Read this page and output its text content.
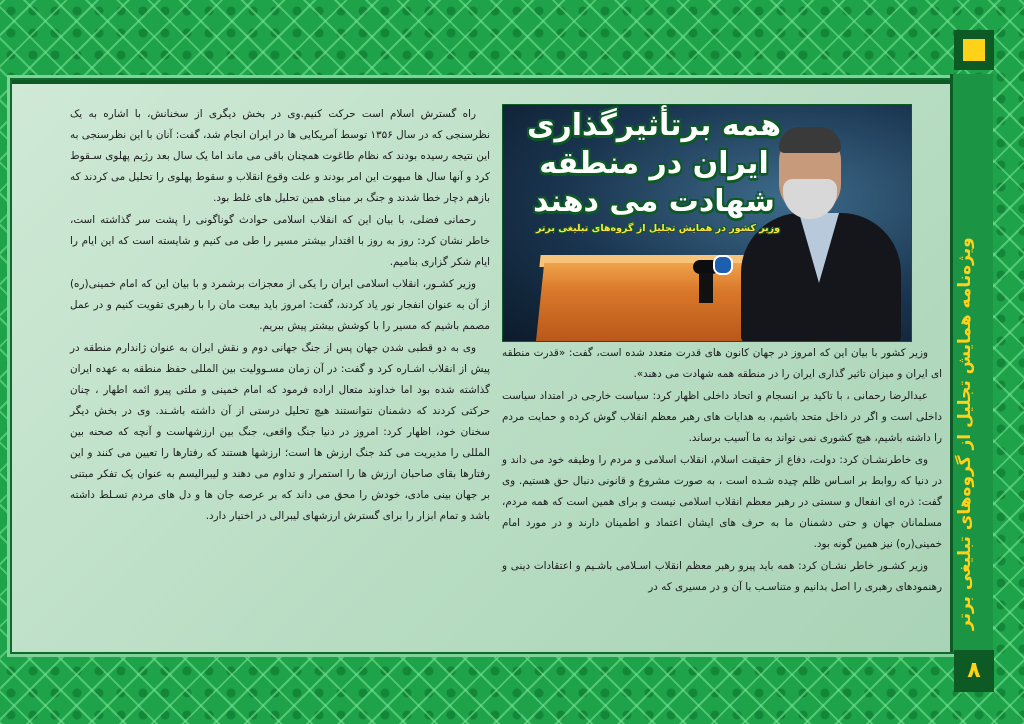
ویژه‌نامه همایش تجلیل از گروه‌های تبلیغی برتر
۸
همه برتأثیرگذاری ایران در منطقه شهادت می دهند
وزیر کشور در همایش تجلیل از گروه‌های تبلیغی برتر

راه گسترش اسلام است حرکت کنیم.وی در بخش دیگری از سخنانش، با اشاره به یک نظرسنجی که در سال ۱۳۵۶ توسط آمریکایی ها در ایران انجام شد، گفت: آنان با این نظرسنجی به این نتیجه رسیده بودند که نظام طاغوت همچنان باقی می ماند اما یک سال بعد رژیم پهلوی سـقوط کرد و آنها سال ها مبهوت این امر بودند و علت وقوع انقلاب و سقوط پهلوی را تحلیل می کردند که بازهم دچار خطا شدند و جنگ بر مبنای همین تحلیل های غلط بود.

رحمانی فضلی، با بیان این که انقلاب اسلامی حوادث گوناگونی را پشت سر گذاشته است، خاطر نشان کرد: روز به روز با اقتدار بیشتر مسیر را طی می کنیم و شایسته است که این ایام را ایام شکر گزاری بنامیم.

وزیر کشـور، انقلاب اسلامی ایران را یکی از معجزات برشمرد و با بیان این که امام خمینی(ره) از آن به عنوان انفجار نور یاد کردند، گفت: امروز باید بیعت مان را با رهبری تقویت کنیم و در عمل مصمم باشیم که مسیر را با کوشش بیشتر پیش ببریم.

وی به دو قطبی شدن جهان پس از جنگ جهانی دوم و نقش ایران به عنوان ژاندارم منطقه در پیش از انقلاب اشـاره کرد و گفت: در آن زمان مسـوولیت بین المللی حفظ منطقه به عهده ایران گذاشته شده بود اما خداوند متعال اراده فرمود که امام خمینی و ملتی پیرو ائمه اطهار ، چنان حرکتی کردند که دشمنان نتوانستند هیچ تحلیل درستی از آن داشته باشـند. وی در بخش دیگر سخنان خود، اظهار کرد: امروز در دنیا جنگ واقعی، جنگ بین ارزشهاست و آنچه که صحنه بین المللی را مدیریت می کند جنگ ارزش ها است؛ ارزشها هستند که رفتارها را تعیین می کنند و این رفتارها بقای صاحبان ارزش ها را استمرار و تداوم می دهند و لیبرالیسم به عنوان یک تفکر مبتنی بر جهان بینی مادی، خودش را محق می داند که بر عرصه جان ها و دل های مردم تسـلط داشته باشد و تمام ابزار را برای گسترش ارزشهای لیبرالی در اختیار دارد.

وزیر کشور با بیان این که امروز در جهان کانون های قدرت متعدد شده است، گفت: «قدرت منطقه ای ایران و میزان تاثیر گذاری ایران را در منطقه همه شهادت می دهند».

عبدالرضا رحمانی ، با تاکید بر انسجام و اتحاد داخلی اظهار کرد: سیاست خارجی در امتداد سیاست داخلی است و اگر در داخل متحد باشیم، به هدایات های رهبر معظم انقلاب گوش کرده و حمایت مردم را داشته باشیم، هیچ کشوری نمی تواند به ما آسیب برساند.

وی خاطرنشـان کرد: دولت، دفاع از حقیقت اسلام، انقلاب اسلامی و مردم را وظیفه خود می داند و در دنیا که روابط بر اسـاس ظلم چیده شـده است ، به صورت مشروع و قانونی دنبال حق هستیم. وی گفت: ذره ای انفعال و سستی در رهبر معظم انقلاب اسلامی نیست و برای همین است که همه مردم، مسلمانان جهان و حتی دشمنان ما به حرف های ایشان اعتماد و اطمینان دارند و در مورد امام خمینی(ره) نیز همین گونه بود.

وزیر کشـور خاطر نشـان کرد: همه باید پیرو رهبر معظم انقلاب اسـلامی باشـیم و اعتقادات دینی و رهنمودهای رهبری را اصل بدانیم و متناسـب با آن و در مسیری که در
